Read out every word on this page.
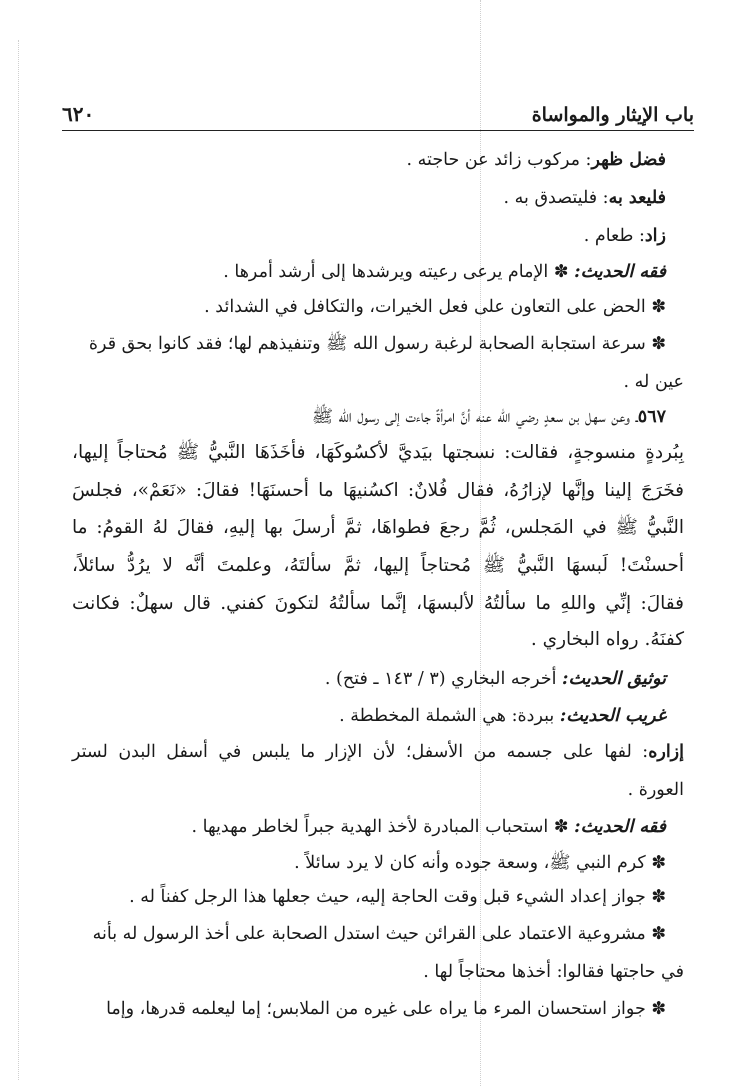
باب الإيثار والمواساة
٦٢٠
فضل ظهر: مركوب زائد عن حاجته .
فليعد به: فليتصدق به .
زاد: طعام .
فقه الحديث: ✽ الإمام يرعى رعيته ويرشدها إلى أرشد أمرها .
✽ الحض على التعاون على فعل الخيرات، والتكافل في الشدائد .
✽ سرعة استجابة الصحابة لرغبة رسول الله ﷺ وتنفيذهم لها؛ فقد كانوا بحق قرة
عين له .
٥٦٧ـ وعن سهل بن سعدٍ رضي الله عنه أنَّ امرأةً جاءت إلى رسول الله ﷺ
بِبُردةٍ منسوجةٍ، فقالت: نسجتها بيَديَّ لأكسُوكَهَا، فأخَذَهَا النَّبيُّ ﷺ مُحتاجاً إليها،
فخَرَجَ إلينا وإنَّها لإزارُهُ، فقال فُلانٌ: اكسُنيهَا ما أحسنَهَا! فقالَ: «نَعَمْ»، فجلسَ
النَّبيُّ ﷺ في المَجلس، ثُمَّ رجعَ فطواهَا، ثمَّ أرسلَ بها إليهِ، فقالَ لهُ القومُ: ما
أحسنْتَ! لَبسهَا النَّبيُّ ﷺ مُحتاجاً إليها، ثمَّ سألتَهُ، وعلمتَ أنَّه لا يرُدُّ سائلاً،
فقالَ: إنِّي واللهِ ما سألتُهُ لألبسهَا، إنَّما سألتُهُ لتكونَ كفني. قال سهلٌ: فكانت
كفنَهُ. رواه البخاري .
توثيق الحديث: أخرجه البخاري (٣ / ١٤٣ ـ فتح) .
غريب الحديث: ببردة: هي الشملة المخططة .
إزاره: لفها على جسمه من الأسفل؛ لأن الإزار ما يلبس في أسفل البدن لستر
العورة .
فقه الحديث: ✽ استحباب المبادرة لأخذ الهدية جبراً لخاطر مهديها .
✽ كرم النبي ﷺ، وسعة جوده وأنه كان لا يرد سائلاً .
✽ جواز إعداد الشيء قبل وقت الحاجة إليه، حيث جعلها هذا الرجل كفناً له .
✽ مشروعية الاعتماد على القرائن حيث استدل الصحابة على أخذ الرسول له بأنه
في حاجتها فقالوا: أخذها محتاجاً لها .
✽ جواز استحسان المرء ما يراه على غيره من الملابس؛ إما ليعلمه قدرها، وإما
